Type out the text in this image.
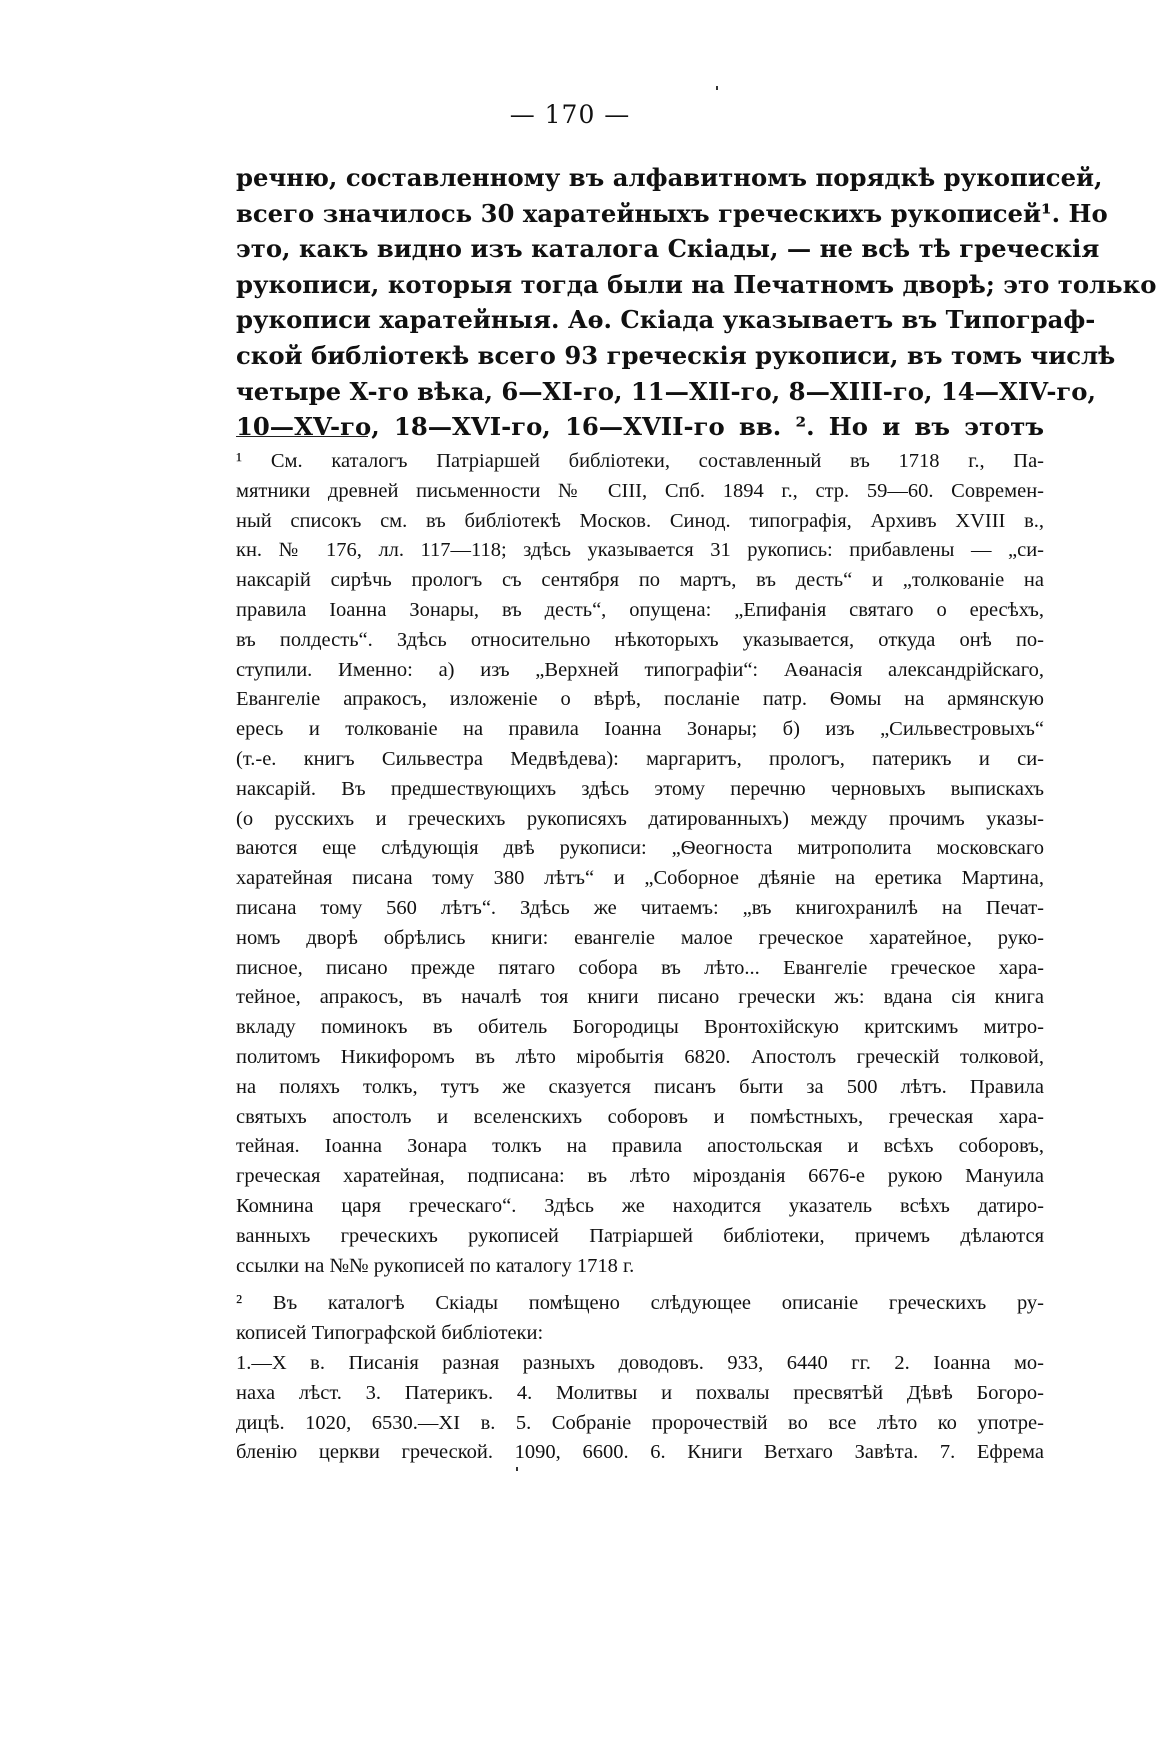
— 170 —
речню, составленному въ алфавитномъ порядкѣ рукописей,
всего значилось 30 харатейныхъ греческихъ рукописей¹. Но
это, какъ видно изъ каталога Скіады, — не всѣ тѣ греческія
рукописи, которыя тогда были на Печатномъ дворѣ; это только
рукописи харатейныя. Аѳ. Скіада указываетъ въ Типограф-
ской библіотекѣ всего 93 греческія рукописи, въ томъ числѣ
четыре X-го вѣка, 6—XI-го, 11—XII-го, 8—XIII-го, 14—XIV-го,
10—XV-го, 18—XVI-го, 16—XVII-го вв. ². Но и въ этотъ
¹ См. каталогъ Патріаршей библіотеки, составленный въ 1718 г., Па-
мятники древней письменности № CIII, Спб. 1894 г., стр. 59—60. Современ-
ный списокъ см. въ библіотекѣ Москов. Синод. типографія, Архивъ XVIII в.,
кн. № 176, лл. 117—118; здѣсь указывается 31 рукопись: прибавлены — „си-
наксарій сирѣчь прологъ съ сентября по мартъ, въ десть“ и „толкованіе на
правила Іоанна Зонары, въ десть“, опущена: „Епифанія святаго о ересѣхъ,
въ полдесть“. Здѣсь относительно нѣкоторыхъ указывается, откуда онѣ по-
ступили. Именно: а) изъ „Верхней типографіи“: Аѳанасія александрійскаго,
Евангеліе апракосъ, изложеніе о вѣрѣ, посланіе патр. Ѳомы на армянскую
ересь и толкованіе на правила Іоанна Зонары; б) изъ „Сильвестровыхъ“
(т.-е. книгъ Сильвестра Медвѣдева): маргаритъ, прологъ, патерикъ и си-
наксарій. Въ предшествующихъ здѣсь этому перечню черновыхъ выпискахъ
(о русскихъ и греческихъ рукописяхъ датированныхъ) между прочимъ указы-
ваются еще слѣдующія двѣ рукописи: „Ѳеогноста митрополита московскаго
харатейная писана тому 380 лѣтъ“ и „Соборное дѣяніе на еретика Мартина,
писана тому 560 лѣтъ“. Здѣсь же читаемъ: „въ книгохранилѣ на Печат-
номъ дворѣ обрѣлись книги: евангеліе малое греческое харатейное, руко-
писное, писано прежде пятаго собора въ лѣто... Евангеліе греческое хара-
тейное, апракосъ, въ началѣ тоя книги писано гречески жъ: вдана сія книга
вкладу поминокъ въ обитель Богородицы Вронтохійскую критскимъ митро-
политомъ Никифоромъ въ лѣто міробытія 6820. Апостолъ греческій толковой,
на поляхъ толкъ, тутъ же сказуется писанъ быти за 500 лѣтъ. Правила
святыхъ апостолъ и вселенскихъ соборовъ и помѣстныхъ, греческая хара-
тейная. Іоанна Зонара толкъ на правила апостольская и всѣхъ соборовъ,
греческая харатейная, подписана: въ лѣто мірозданія 6676-е рукою Мануила
Комнина царя греческаго“. Здѣсь же находится указатель всѣхъ датиро-
ванныхъ греческихъ рукописей Патріаршей библіотеки, причемъ дѣлаются
ссылки на №№ рукописей по каталогу 1718 г.
² Въ каталогѣ Скіады помѣщено слѣдующее описаніе греческихъ ру-
кописей Типографской библіотеки:
1.—X в. Писанія разная разныхъ доводовъ. 933, 6440 гг. 2. Іоанна мо-
наха лѣст. 3. Патерикъ. 4. Молитвы и похвалы пресвятѣй Дѣвѣ Богоро-
дицѣ. 1020, 6530.—XI в. 5. Собраніе пророчествій во все лѣто ко употре-
бленію церкви греческой. 1090, 6600. 6. Книги Ветхаго Завѣта. 7. Ефрема
